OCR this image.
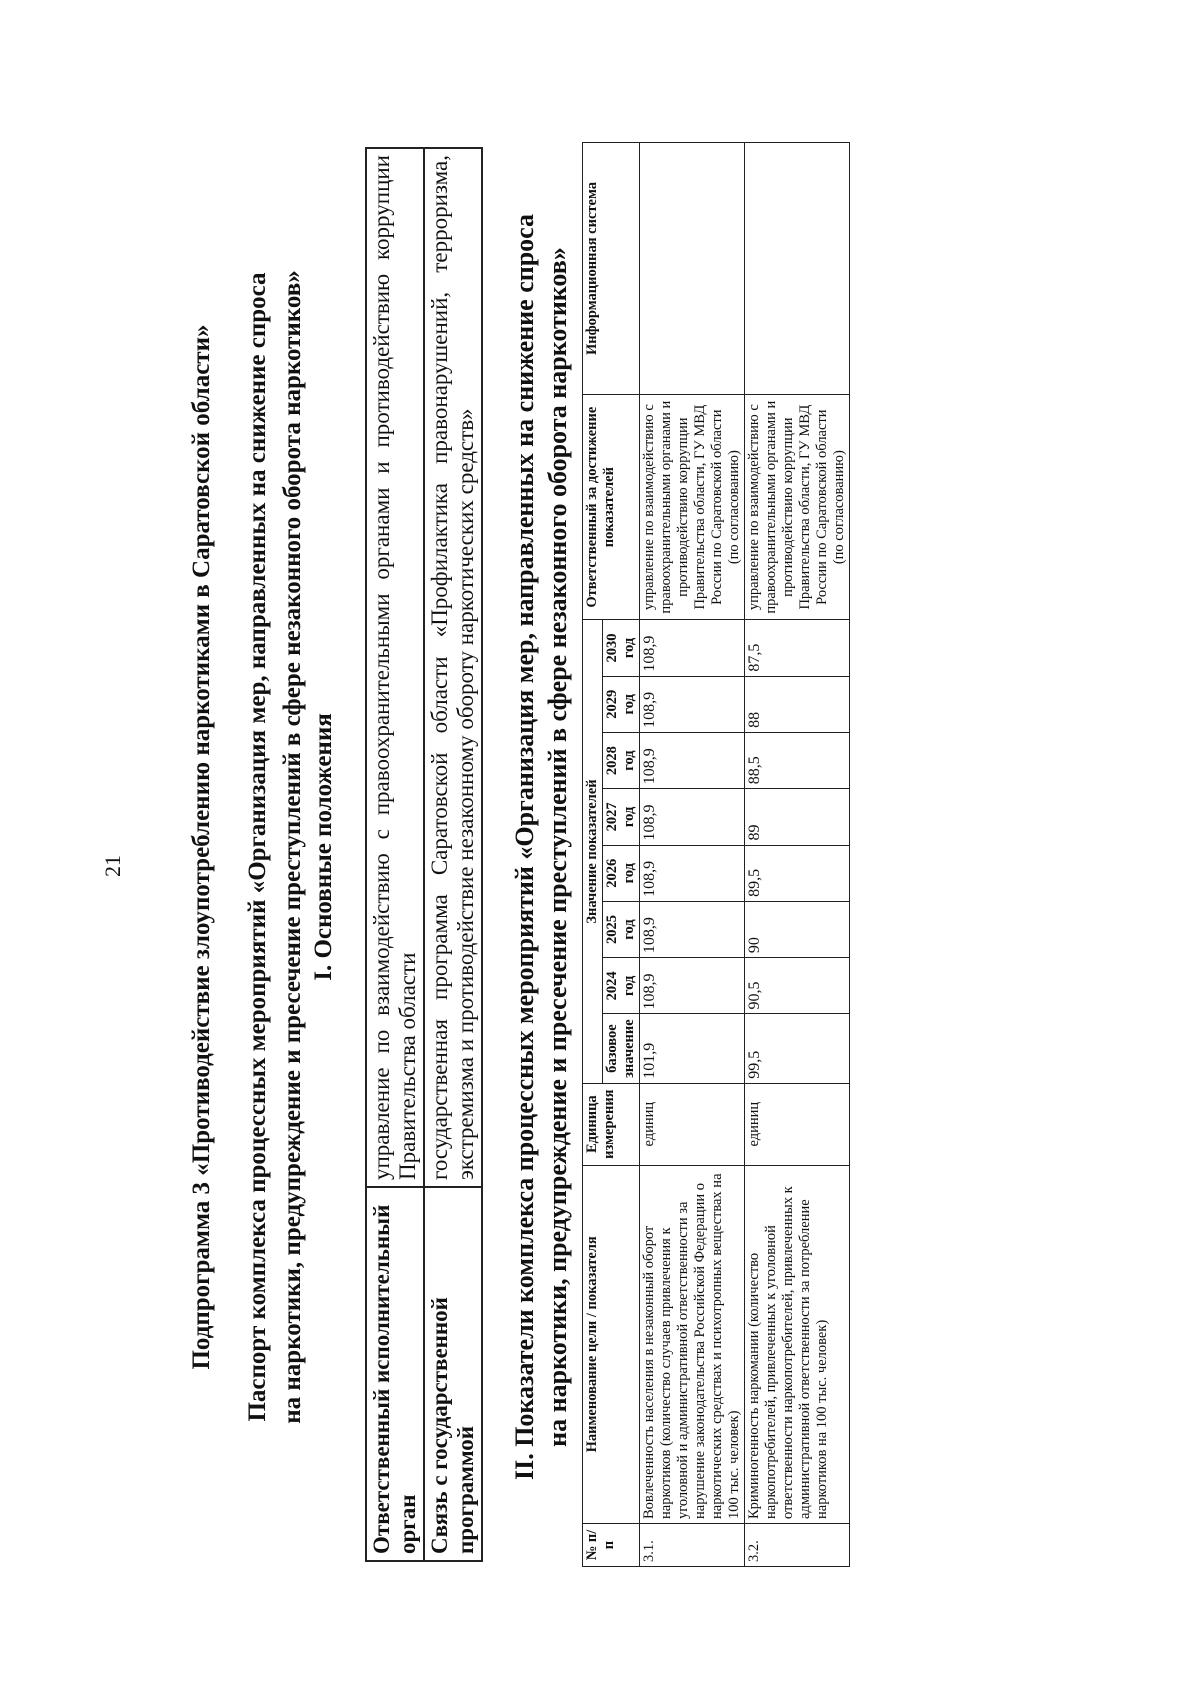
21	Подпрограмма 3 «Противодействие злоупотреблению наркотиками в Саратовской области» Паспорт комплекса процессных мероприятий «Организация мер, направленных на снижение спроса на наркотики, предупреждение и пресечение преступлений в сфере незаконного оборота наркотиков» I. Основные положения
Ответственный исполнительный орган	управление по взаимодействию с правоохранительными органами и противодействию коррупции Правительства области
Связь с государственной программой	государственная программа Саратовской области «Профилактика правонарушений, терроризма, экстремизма и противодействие незаконному обороту наркотических средств» II. Показатели комплекса процессных мероприятий «Организация мер, направленных на снижение спроса на наркотики, предупреждение и пресечение преступлений в сфере незаконного оборота наркотиков»
№ п/п	Наименование цели / показателя	Единица измерения	Значение показателей								Ответственный за достижение показателей	Информационная система
			базовое значение	2024 год	2025 год	2026 год	2027 год	2028 год	2029 год	2030 год		
3.1.	Вовлеченность населения в незаконный оборот наркотиков (количество случаев привлечения к уголовной и административной ответственности за нарушение законодательства Российской Федерации о наркотических средствах и психотропных веществах на 100 тыс. человек)	единиц	101,9	108,9	108,9	108,9	108,9	108,9	108,9	108,9	управление по взаимодействию с правоохранительными органами и противодействию коррупции Правительства области, ГУ МВД России по Саратовской области (по согласованию)	
3.2.	Криминогенность наркомании (количество наркопотребителей, привлеченных к уголовной ответственности наркопотребителей, привлеченных к административной ответственности за потребление наркотиков на 100 тыс. человек)	единиц	99,5	90,5	90	89,5	89	88,5	88	87,5	управление по взаимодействию с правоохранительными органами и противодействию коррупции Правительства области, ГУ МВД России по Саратовской области (по согласованию)	
